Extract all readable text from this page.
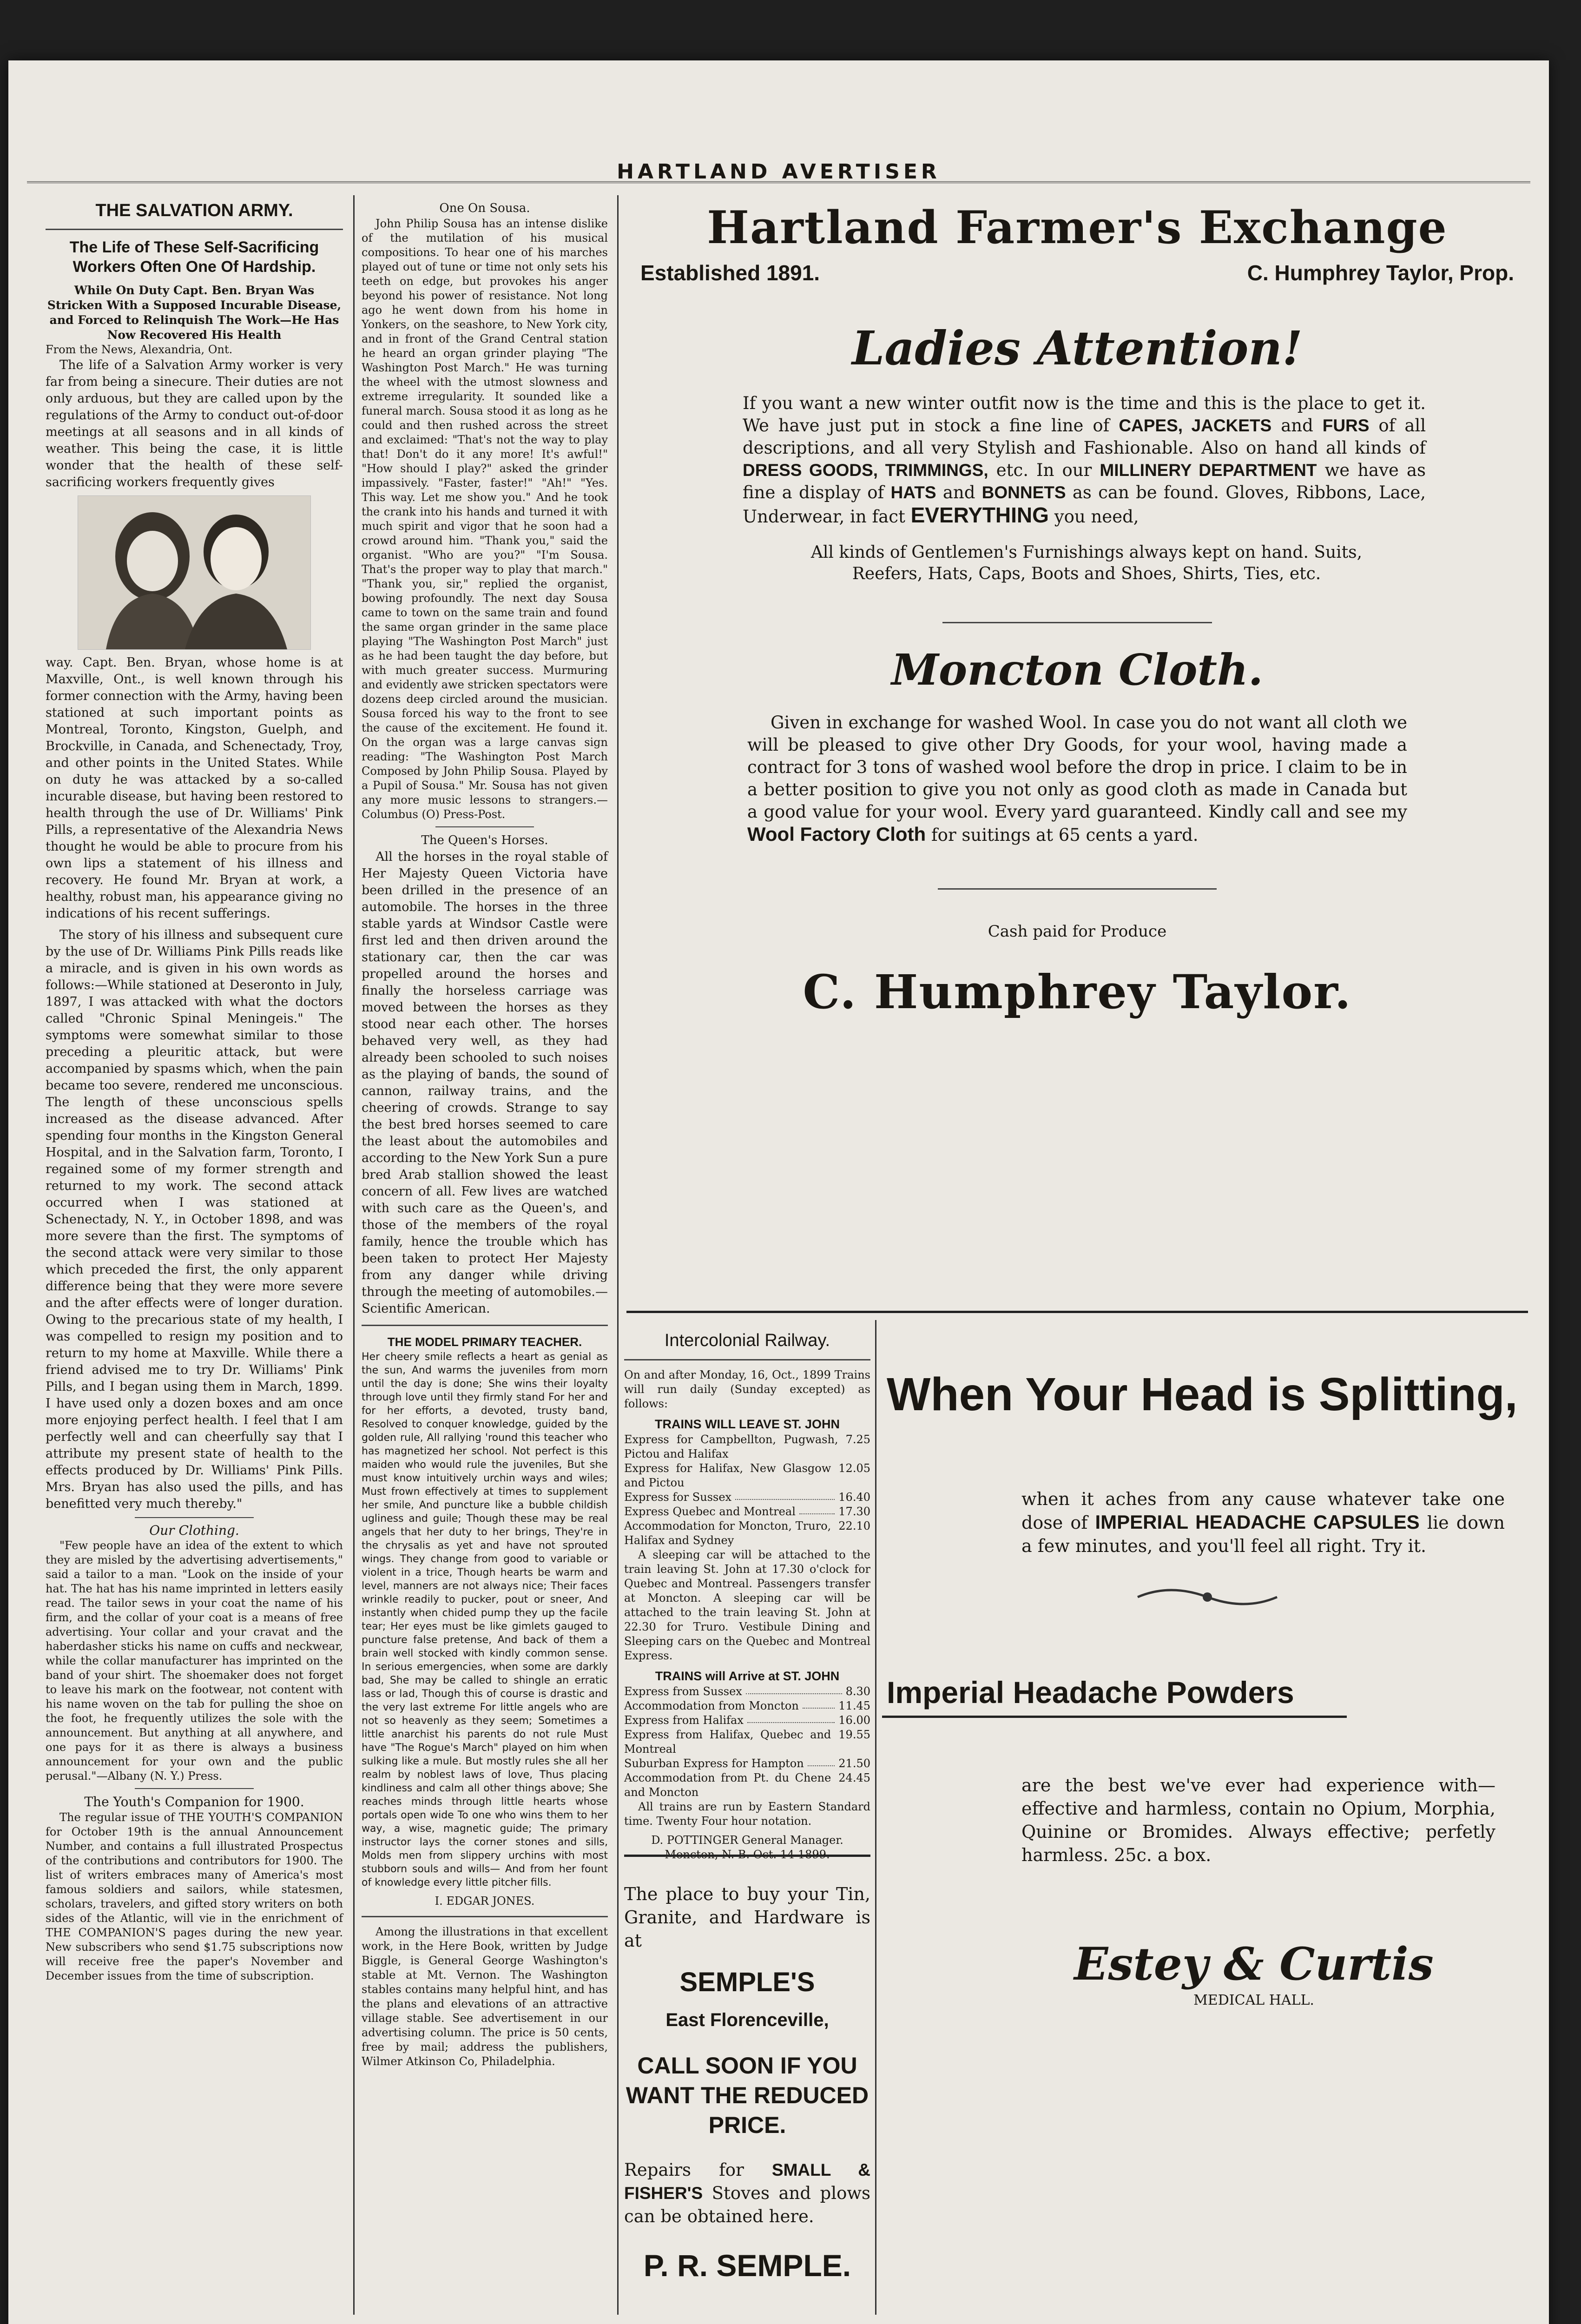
HARTLAND AVERTISER
THE SALVATION ARMY.
The Life of These Self-Sacrificing Workers Often One Of Hardship.
While On Duty Capt. Ben. Bryan Was Stricken With a Supposed Incurable Disease, and Forced to Relinquish The Work—He Has Now Recovered His Health
From the News, Alexandria, Ont.

The life of a Salvation Army worker is very far from being a sinecure. Their duties are not only arduous, but they are called upon by the regulations of the Army to conduct out-of-door meetings at all seasons and in all kinds of weather. This being the case, it is little wonder that the health of these self-sacrificing workers frequently gives

way. Capt. Ben. Bryan, whose home is at Maxville, Ont., is well known through his former connection with the Army, having been stationed at such important points as Montreal, Toronto, Kingston, Guelph, and Brockville, in Canada, and Schenectady, Troy, and other points in the United States. While on duty he was attacked by a so-called incurable disease, but having been restored to health through the use of Dr. Williams' Pink Pills, a representative of the Alexandria News thought he would be able to procure from his own lips a statement of his illness and recovery. He found Mr. Bryan at work, a healthy, robust man, his appearance giving no indications of his recent sufferings.

The story of his illness and subsequent cure by the use of Dr. Williams Pink Pills reads like a miracle, and is given in his own words as follows:—While stationed at Deseronto in July, 1897, I was attacked with what the doctors called "Chronic Spinal Meningeis." The symptoms were somewhat similar to those preceding a pleuritic attack, but were accompanied by spasms which, when the pain became too severe, rendered me unconscious. The length of these unconscious spells increased as the disease advanced. After spending four months in the Kingston General Hospital, and in the Salvation farm, Toronto, I regained some of my former strength and returned to my work. The second attack occurred when I was stationed at Schenectady, N. Y., in October 1898, and was more severe than the first. The symptoms of the second attack were very similar to those which preceded the first, the only apparent difference being that they were more severe and the after effects were of longer duration. Owing to the precarious state of my health, I was compelled to resign my position and to return to my home at Maxville. While there a friend advised me to try Dr. Williams' Pink Pills, and I began using them in March, 1899. I have used only a dozen boxes and am once more enjoying perfect health. I feel that I am perfectly well and can cheerfully say that I attribute my present state of health to the effects produced by Dr. Williams' Pink Pills. Mrs. Bryan has also used the pills, and has benefitted very much thereby."

Our Clothing.

"Few people have an idea of the extent to which they are misled by the advertising advertisements," said a tailor to a man. "Look on the inside of your hat. The hat has his name imprinted in letters easily read. The tailor sews in your coat the name of his firm, and the collar of your coat is a means of free advertising. Your collar and your cravat and the haberdasher sticks his name on cuffs and neckwear, while the collar manufacturer has imprinted on the band of your shirt. The shoemaker does not forget to leave his mark on the footwear, not content with his name woven on the tab for pulling the shoe on the foot, he frequently utilizes the sole with the announcement. But anything at all anywhere, and one pays for it as there is always a business announcement for your own and the public perusal."—Albany (N. Y.) Press.

The Youth's Companion for 1900.

The regular issue of THE YOUTH'S COMPANION for October 19th is the annual Announcement Number, and contains a full illustrated Prospectus of the contributions and contributors for 1900. The list of writers embraces many of America's most famous soldiers and sailors, while statesmen, scholars, travelers, and gifted story writers on both sides of the Atlantic, will vie in the enrichment of THE COMPANION'S pages during the new year. New subscribers who send $1.75 subscriptions now will receive free the paper's November and December issues from the time of subscription.

One On Sousa.

John Philip Sousa has an intense dislike of the mutilation of his musical compositions. To hear one of his marches played out of tune or time not only sets his teeth on edge, but provokes his anger beyond his power of resistance. Not long ago he went down from his home in Yonkers, on the seashore, to New York city, and in front of the Grand Central station he heard an organ grinder playing "The Washington Post March." He was turning the wheel with the utmost slowness and extreme irregularity. It sounded like a funeral march. Sousa stood it as long as he could and then rushed across the street and exclaimed: "That's not the way to play that! Don't do it any more! It's awful!" "How should I play?" asked the grinder impassively. "Faster, faster!" "Ah!" "Yes. This way. Let me show you." And he took the crank into his hands and turned it with much spirit and vigor that he soon had a crowd around him. "Thank you," said the organist. "Who are you?" "I'm Sousa. That's the proper way to play that march." "Thank you, sir," replied the organist, bowing profoundly. The next day Sousa came to town on the same train and found the same organ grinder in the same place playing "The Washington Post March" just as he had been taught the day before, but with much greater success. Murmuring and evidently awe stricken spectators were dozens deep circled around the musician. Sousa forced his way to the front to see the cause of the excitement. He found it. On the organ was a large canvas sign reading: "The Washington Post March Composed by John Philip Sousa. Played by a Pupil of Sousa." Mr. Sousa has not given any more music lessons to strangers.—Columbus (O) Press-Post.

The Queen's Horses.

All the horses in the royal stable of Her Majesty Queen Victoria have been drilled in the presence of an automobile. The horses in the three stable yards at Windsor Castle were first led and then driven around the stationary car, then the car was propelled around the horses and finally the horseless carriage was moved between the horses as they stood near each other. The horses behaved very well, as they had already been schooled to such noises as the playing of bands, the sound of cannon, railway trains, and the cheering of crowds. Strange to say the best bred horses seemed to care the least about the automobiles and according to the New York Sun a pure bred Arab stallion showed the least concern of all. Few lives are watched with such care as the Queen's, and those of the members of the royal family, hence the trouble which has been taken to protect Her Majesty from any danger while driving through the meeting of automobiles.—Scientific American.

THE MODEL PRIMARY TEACHER.

Her cheery smile reflects a heart as genial as the sun, And warms the juveniles from morn until the day is done; She wins their loyalty through love until they firmly stand For her and for her efforts, a devoted, trusty band, Resolved to conquer knowledge, guided by the golden rule, All rallying 'round this teacher who has magnetized her school. Not perfect is this maiden who would rule the juveniles, But she must know intuitively urchin ways and wiles; Must frown effectively at times to supplement her smile, And puncture like a bubble childish ugliness and guile; Though these may be real angels that her duty to her brings, They're in the chrysalis as yet and have not sprouted wings. They change from good to variable or violent in a trice, Though hearts be warm and level, manners are not always nice; Their faces wrinkle readily to pucker, pout or sneer, And instantly when chided pump they up the facile tear; Her eyes must be like gimlets gauged to puncture false pretense, And back of them a brain well stocked with kindly common sense. In serious emergencies, when some are darkly bad, She may be called to shingle an erratic lass or lad, Though this of course is drastic and the very last extreme For little angels who are not so heavenly as they seem; Sometimes a little anarchist his parents do not rule Must have "The Rogue's March" played on him when sulking like a mule. But mostly rules she all her realm by noblest laws of love, Thus placing kindliness and calm all other things above; She reaches minds through little hearts whose portals open wide To one who wins them to her way, a wise, magnetic guide; The primary instructor lays the corner stones and sills, Molds men from slippery urchins with most stubborn souls and wills— And from her fount of knowledge every little pitcher fills.

I. EDGAR JONES.

Among the illustrations in that excellent work, in the Here Book, written by Judge Biggle, is General George Washington's stable at Mt. Vernon. The Washington stables contains many helpful hint, and has the plans and elevations of an attractive village stable. See advertisement in our advertising column. The price is 50 cents, free by mail; address the publishers, Wilmer Atkinson Co, Philadelphia.

Hartland Farmer's Exchange
Established 1891.	C. Humphrey Taylor, Prop.
Ladies Attention!
If you want a new winter outfit now is the time and this is the place to get it. We have just put in stock a fine line of CAPES, JACKETS and FURS of all descriptions, and all very Stylish and Fashionable. Also on hand all kinds of DRESS GOODS, TRIMMINGS, etc. In our MILLINERY DEPARTMENT we have as fine a display of HATS and BONNETS as can be found. Gloves, Ribbons, Lace, Underwear, in fact EVERYTHING you need,
All kinds of Gentlemen's Furnishings always kept on hand. Suits, Reefers, Hats, Caps, Boots and Shoes, Shirts, Ties, etc.
Moncton Cloth.
Given in exchange for washed Wool. In case you do not want all cloth we will be pleased to give other Dry Goods, for your wool, having made a contract for 3 tons of washed wool before the drop in price. I claim to be in a better position to give you not only as good cloth as made in Canada but a good value for your wool. Every yard guaranteed. Kindly call and see my Wool Factory Cloth for suitings at 65 cents a yard.
Cash paid for Produce
C. Humphrey Taylor.
Intercolonial Railway.

On and after Monday, 16, Oct., 1899 Trains will run daily (Sunday excepted) as follows:

TRAINS WILL LEAVE ST. JOHN
Express for Campbellton, Pugwash, Pictou and Halifax
7.25
Express for Halifax, New Glasgow and Pictou
12.05
Express for Sussex	16.40
Express Quebec and Montreal	17.30
Accommodation for Moncton, Truro, Halifax and Sydney
22.10

A sleeping car will be attached to the train leaving St. John at 17.30 o'clock for Quebec and Montreal. Passengers transfer at Moncton. A sleeping car will be attached to the train leaving St. John at 22.30 for Truro. Vestibule Dining and Sleeping cars on the Quebec and Montreal Express.

TRAINS will Arrive at ST. JOHN
Express from Sussex	8.30
Accommodation from Moncton	11.45
Express from Halifax	16.00
Express from Halifax, Quebec and Montreal
19.55
Suburban Express for Hampton	21.50
Accommodation from Pt. du Chene and Moncton
24.45

All trains are run by Eastern Standard time. Twenty Four hour notation.

D. POTTINGER General Manager.
Moncton, N. B. Oct. 14 1899.
The place to buy your Tin, Granite, and Hardware is at
SEMPLE'S
East Florenceville,
CALL SOON IF YOU WANT THE REDUCED PRICE.
Repairs for SMALL & FISHER'S Stoves and plows can be obtained here.
P. R. SEMPLE.
When Your Head is Splitting,
when it aches from any cause whatever take one dose of IMPERIAL HEADACHE CAPSULES lie down a few minutes, and you'll feel all right. Try it.
Imperial Headache Powders
are the best we've ever had experience with—effective and harmless, contain no Opium, Morphia, Quinine or Bromides. Always effective; perfetly harmless. 25c. a box.
Estey & Curtis
MEDICAL HALL.
